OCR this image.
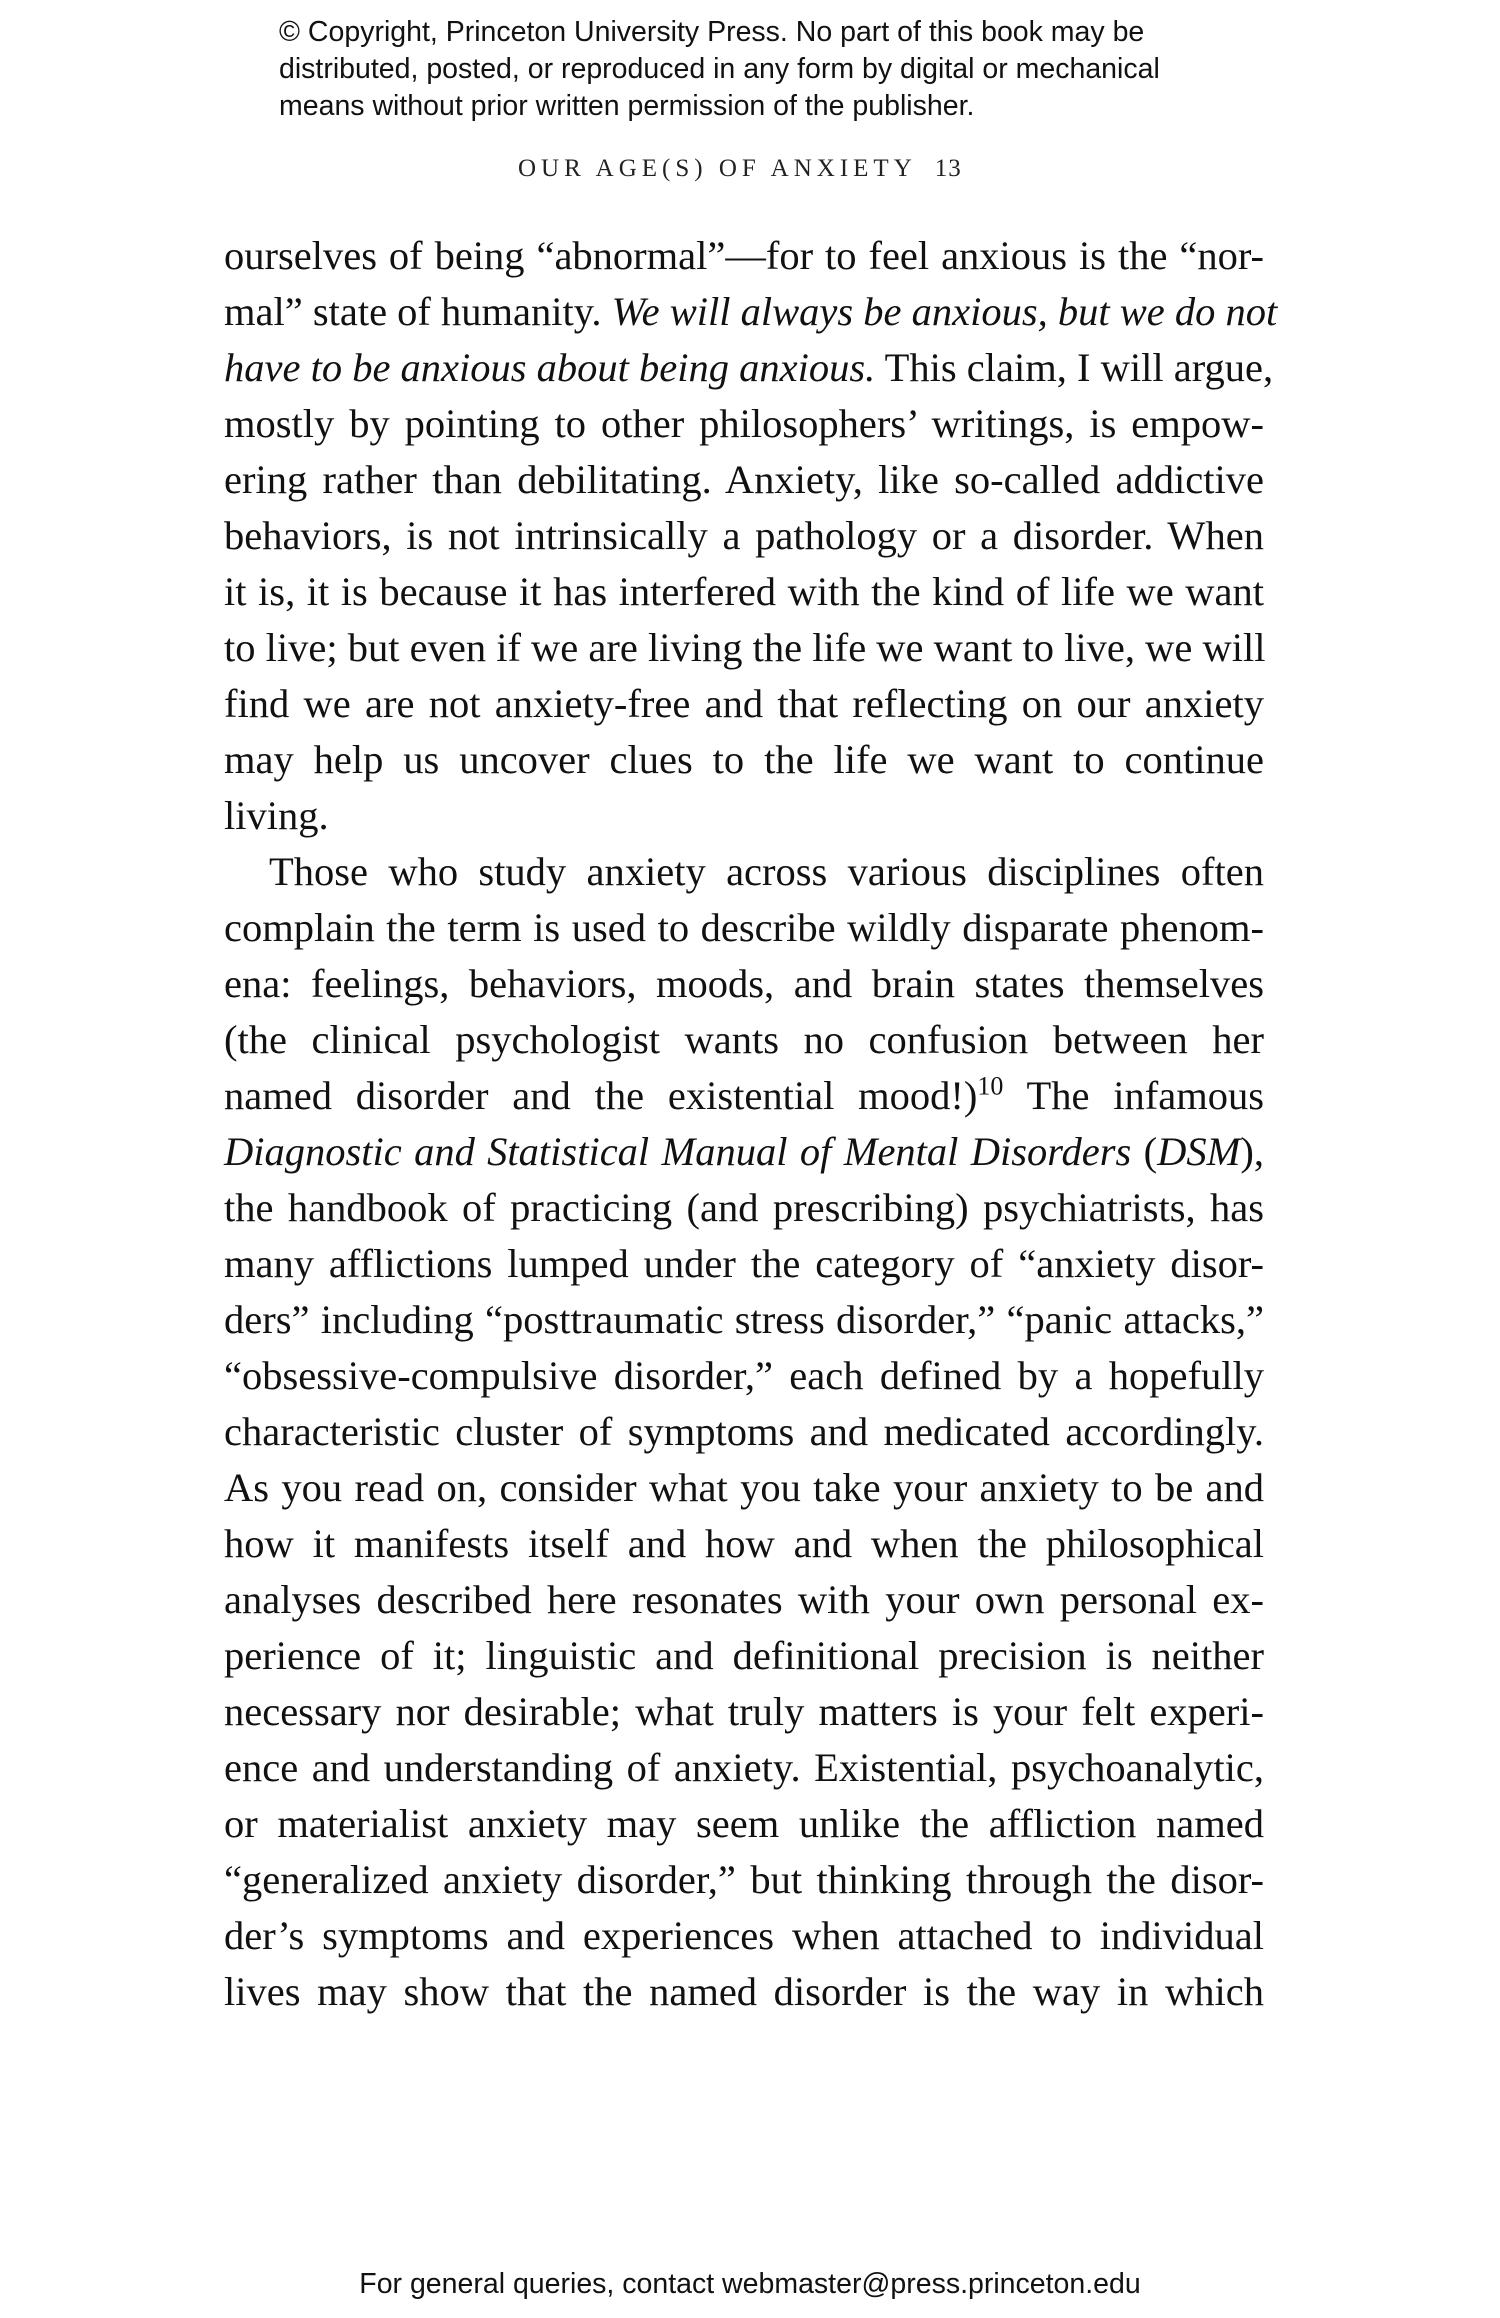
© Copyright, Princeton University Press. No part of this book may be
distributed, posted, or reproduced in any form by digital or mechanical
means without prior written permission of the publisher.
OUR AGE(S) OF ANXIETY 13
ourselves of being “abnormal”—for to feel anxious is the “nor-
mal” state of humanity. We will always be anxious, but we do not
have to be anxious about being anxious. This claim, I will argue,
mostly by pointing to other philosophers’ writings, is empow-
ering rather than debilitating. Anxiety, like so-called addictive
behaviors, is not intrinsically a pathology or a disorder. When
it is, it is because it has interfered with the kind of life we want
to live; but even if we are living the life we want to live, we will
find we are not anxiety-free and that reflecting on our anxiety
may help us uncover clues to the life we want to continue
living.
Those who study anxiety across various disciplines often
complain the term is used to describe wildly disparate phenom-
ena: feelings, behaviors, moods, and brain states themselves
(the clinical psychologist wants no confusion between her
named disorder and the existential mood!)$^{10}$ The infamous
Diagnostic and Statistical Manual of Mental Disorders (DSM),
the handbook of practicing (and prescribing) psychiatrists, has
many afflictions lumped under the category of “anxiety disor-
ders” including “posttraumatic stress disorder,” “panic attacks,”
“obsessive-compulsive disorder,” each defined by a hopefully
characteristic cluster of symptoms and medicated accordingly.
As you read on, consider what you take your anxiety to be and
how it manifests itself and how and when the philosophical
analyses described here resonates with your own personal ex-
perience of it; linguistic and definitional precision is neither
necessary nor desirable; what truly matters is your felt experi-
ence and understanding of anxiety. Existential, psychoanalytic,
or materialist anxiety may seem unlike the affliction named
“generalized anxiety disorder,” but thinking through the disor-
der’s symptoms and experiences when attached to individual
lives may show that the named disorder is the way in which
For general queries, contact webmaster@press.princeton.edu
